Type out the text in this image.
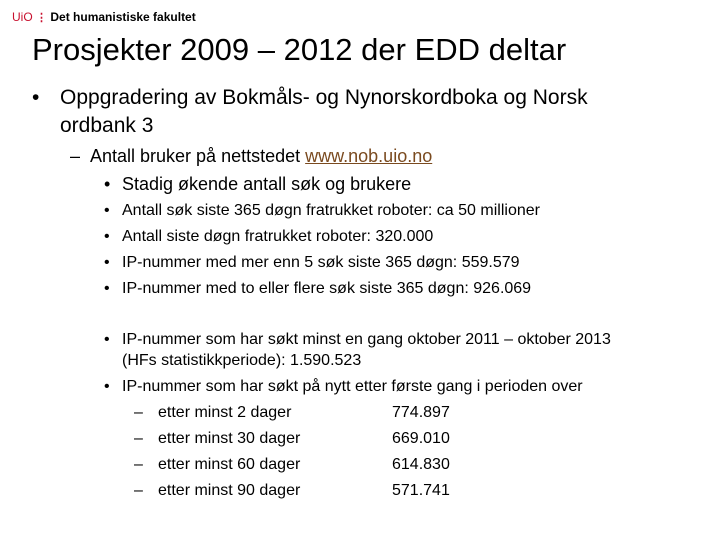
UiO ⋮ Det humanistiske fakultet
Prosjekter 2009 – 2012 der EDD deltar
• Oppgradering av Bokmåls- og Nynorskordboka og Norsk
ordbank 3
– Antall bruker på nettstedet www.nob.uio.no
• Stadig økende antall søk og brukere
• Antall søk siste 365 døgn fratrukket roboter: ca 50 millioner
• Antall siste døgn fratrukket roboter: 320.000
• IP-nummer med mer enn 5 søk siste 365 døgn: 559.579
• IP-nummer med to eller flere søk siste 365 døgn: 926.069
• IP-nummer som har søkt minst en gang oktober 2011 – oktober 2013
(HFs statistikkperiode): 1.590.523
• IP-nummer som har søkt på nytt etter første gang i perioden over
– etter minst 2 dager	774.897
– etter minst 30 dager	669.010
– etter minst 60 dager	614.830
– etter minst 90 dager	571.741
